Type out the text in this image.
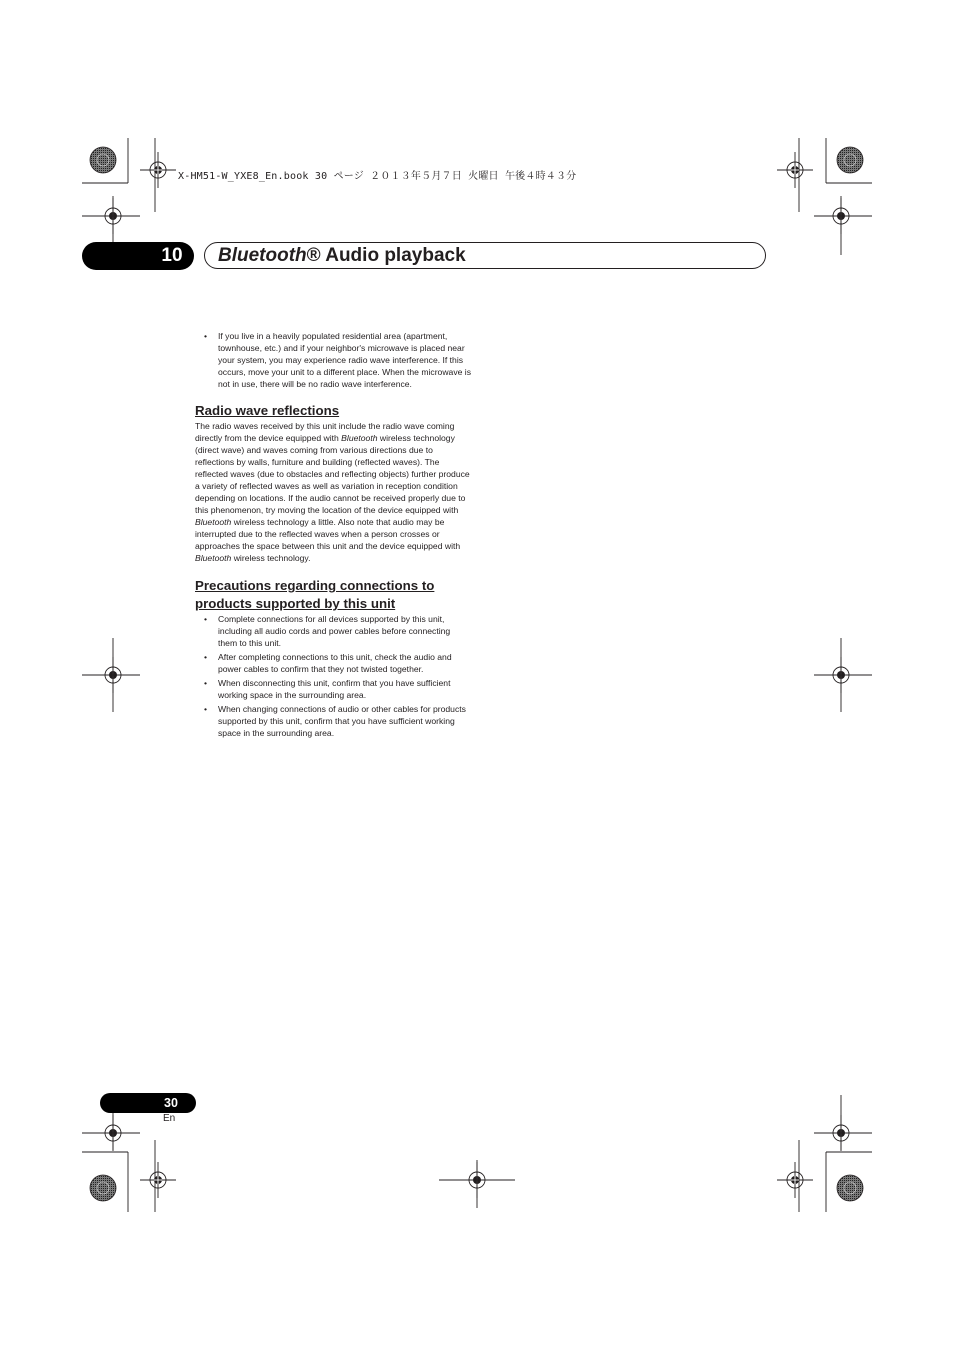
X-HM51-W_YXE8_En.book 30 ページ ２０１３年５月７日 火曜日 午後４時４３分
10	Bluetooth® Audio playback
• If you live in a heavily populated residential area (apartment, townhouse, etc.) and if your neighbor's microwave is placed near your system, you may experience radio wave interference. If this occurs, move your unit to a different place. When the microwave is not in use, there will be no radio wave interference.
Radio wave reflections

The radio waves received by this unit include the radio wave coming directly from the device equipped with Bluetooth wireless technology (direct wave) and waves coming from various directions due to reflections by walls, furniture and building (reflected waves). The reflected waves (due to obstacles and reflecting objects) further produce a variety of reflected waves as well as variation in reception condition depending on locations. If the audio cannot be received properly due to this phenomenon, try moving the location of the device equipped with Bluetooth wireless technology a little. Also note that audio may be interrupted due to the reflected waves when a person crosses or approaches the space between this unit and the device equipped with Bluetooth wireless technology.

Precautions regarding connections to
products supported by this unit
• Complete connections for all devices supported by this unit, including all audio cords and power cables before connecting them to this unit.
• After completing connections to this unit, check the audio and power cables to confirm that they not twisted together.
• When disconnecting this unit, confirm that you have sufficient working space in the surrounding area.
• When changing connections of audio or other cables for products supported by this unit, confirm that you have sufficient working space in the surrounding area.
30
En
